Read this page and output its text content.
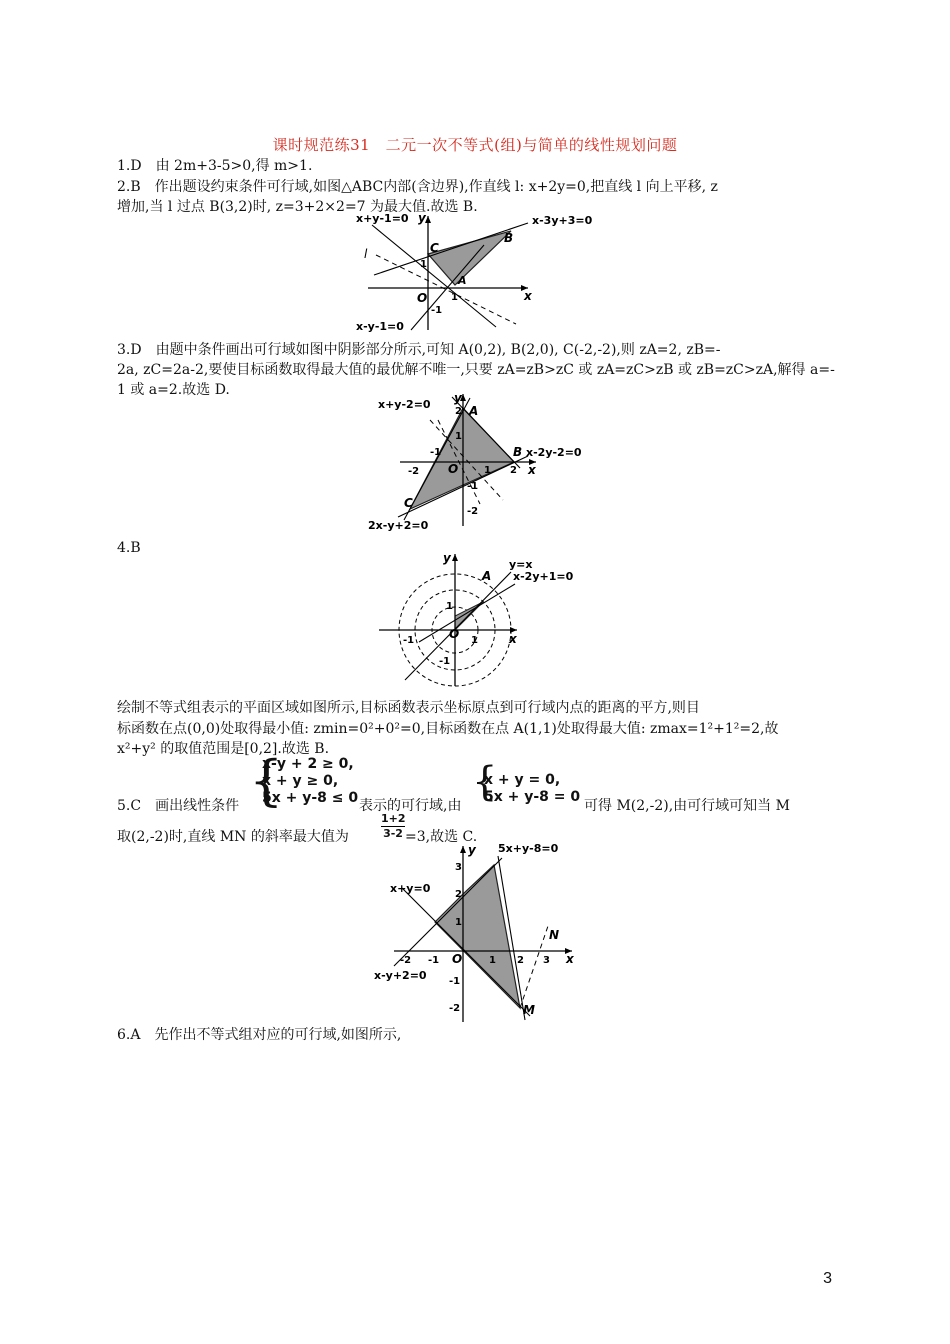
课时规范练31　二元一次不等式(组)与简单的线性规划问题

1.D　由 2m+3-5>0,得 m>1.

2.B　作出题设约束条件可行域,如图△ABC内部(含边界),作直线 l: x+2y=0,把直线 l 向上平移, z

增加,当 l 过点 B(3,2)时, z=3+2×2=7 为最大值.故选 B.

x+y-1=0	x-3y+3=0
x-y-1=0
l
B
C
A
O	x
y
1
1
-1

3.D　由题中条件画出可行域如图中阴影部分所示,可知 A(0,2), B(2,0), C(-2,-2),则 zA=2, zB=-

2a, zC=2a-2,要使目标函数取得最大值的最优解不唯一,只要 zA=zB>zC 或 zA=zC>zB 或 zB=zC>zA,解得 a=-

1 或 a=2.故选 D.

x+y-2=0
x-2y-2=0
2x-y+2=0
A
B
C
O	x
y
2
1
-1
-2	1 2
-1
-2

4.B

y=x
x-2y+1=0
A
O	x
y
1
-1
-1	1

绘制不等式组表示的平面区域如图所示,目标函数表示坐标原点到可行域内点的距离的平方,则目

标函数在点(0,0)处取得最小值: zmin=0²+0²=0,目标函数在点 A(1,1)处取得最大值: zmax=1²+1²=2,故

x²+y² 的取值范围是[0,2].故选 B.

5.C　画出线性条件 {
x-y + 2 ≥ 0,
x + y ≥ 0,
5x + y-8 ≤ 0 表示的可行域,由
{
x + y = 0,
5x + y-8 = 0
可得 M(2,-2),由可行域可知当 M
取(2,-2)时,直线 MN 的斜率最大值为	$\frac{1+2}{3-2} =3$,故选 C.
5x+y-8=0
x+y=0
x-y+2=0
N
M
O	x
y
3
2
1
-1
-2
-2 -1	1 2 3

6.A　先作出不等式组对应的可行域,如图所示,

3
